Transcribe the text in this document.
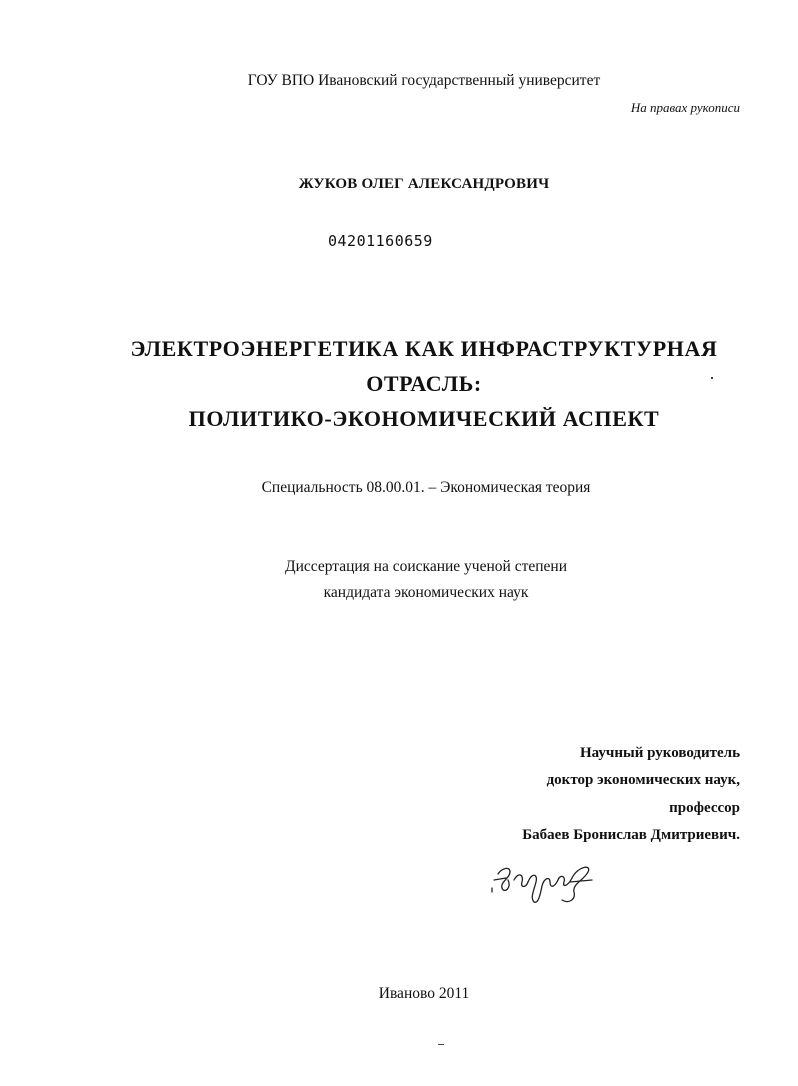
ГОУ ВПО Ивановский государственный университет
На правах рукописи
ЖУКОВ ОЛЕГ АЛЕКСАНДРОВИЧ
04201160659
ЭЛЕКТРОЭНЕРГЕТИКА КАК ИНФРАСТРУКТУРНАЯ
ОТРАСЛЬ:
ПОЛИТИКО-ЭКОНОМИЧЕСКИЙ АСПЕКТ
Специальность 08.00.01. – Экономическая теория
Диссертация на соискание ученой степени
кандидата экономических наук
Научный руководитель
доктор экономических наук,
профессор
Бабаев Бронислав Дмитриевич.
Иваново 2011
